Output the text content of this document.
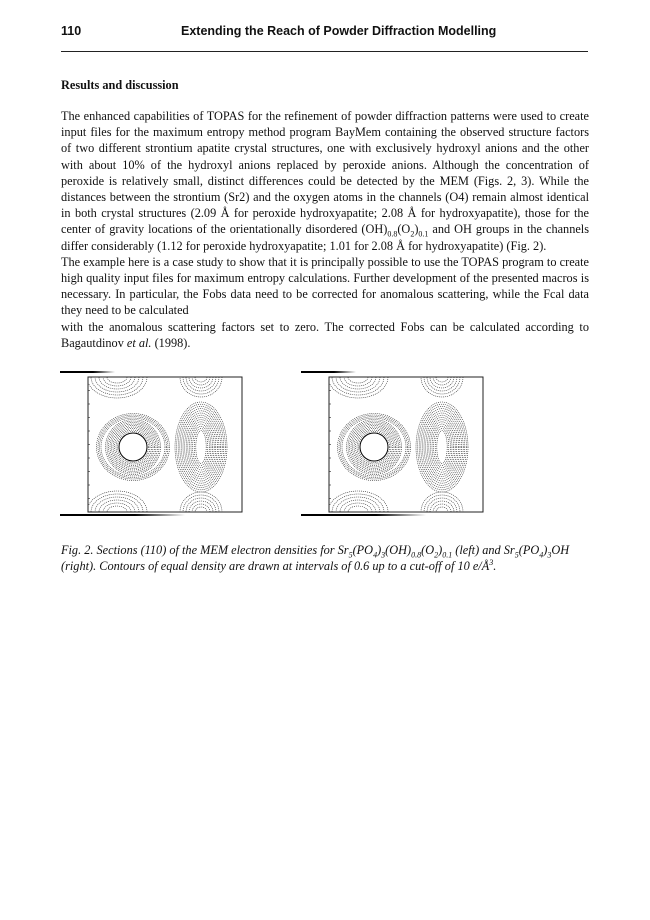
110	Extending the Reach of Powder Diffraction Modelling
Results and discussion

The enhanced capabilities of TOPAS for the refinement of powder diffraction patterns were used to create input files for the maximum entropy method program BayMem containing the observed structure factors of two different strontium apatite crystal structures, one with exclusively hydroxyl anions and the other with about 10% of the hydroxyl anions replaced by peroxide anions. Although the concentration of peroxide is relatively small, distinct differences could be detected by the MEM (Figs. 2, 3). While the distances between the strontium (Sr2) and the oxygen atoms in the channels (O4) remain almost identical in both crystal structures (2.09 Å for peroxide hydroxyapatite; 2.08 Å for hydroxyapatite), those for the center of gravity locations of the orientationally disordered $(OH)_{0.8}(O_2)_{0.1}$ and OH groups in the channels differ considerably (1.12 for peroxide hydroxyapatite; 1.01 for 2.08 Å for hydroxyapatite) (Fig. 2).

The example here is a case study to show that it is principally possible to use the TOPAS program to create high quality input files for maximum entropy calculations. Further development of the presented macros is necessary. In particular, the Fobs data need to be corrected for anomalous scattering, while the Fcal data they need to be calculated

with the anomalous scattering factors set to zero. The corrected Fobs can be calculated according to Bagautdinov et al. (1998).

Fig. 2. Sections (110) of the MEM electron densities for $Sr_5(PO_4)_3(OH)_{0.8}(O_2)_{0.1}$ (left) and $Sr_5(PO_4)_3OH$ (right). Contours of equal density are drawn at intervals of 0.6 up to a cut-off of 10 $e/Å^3$.
